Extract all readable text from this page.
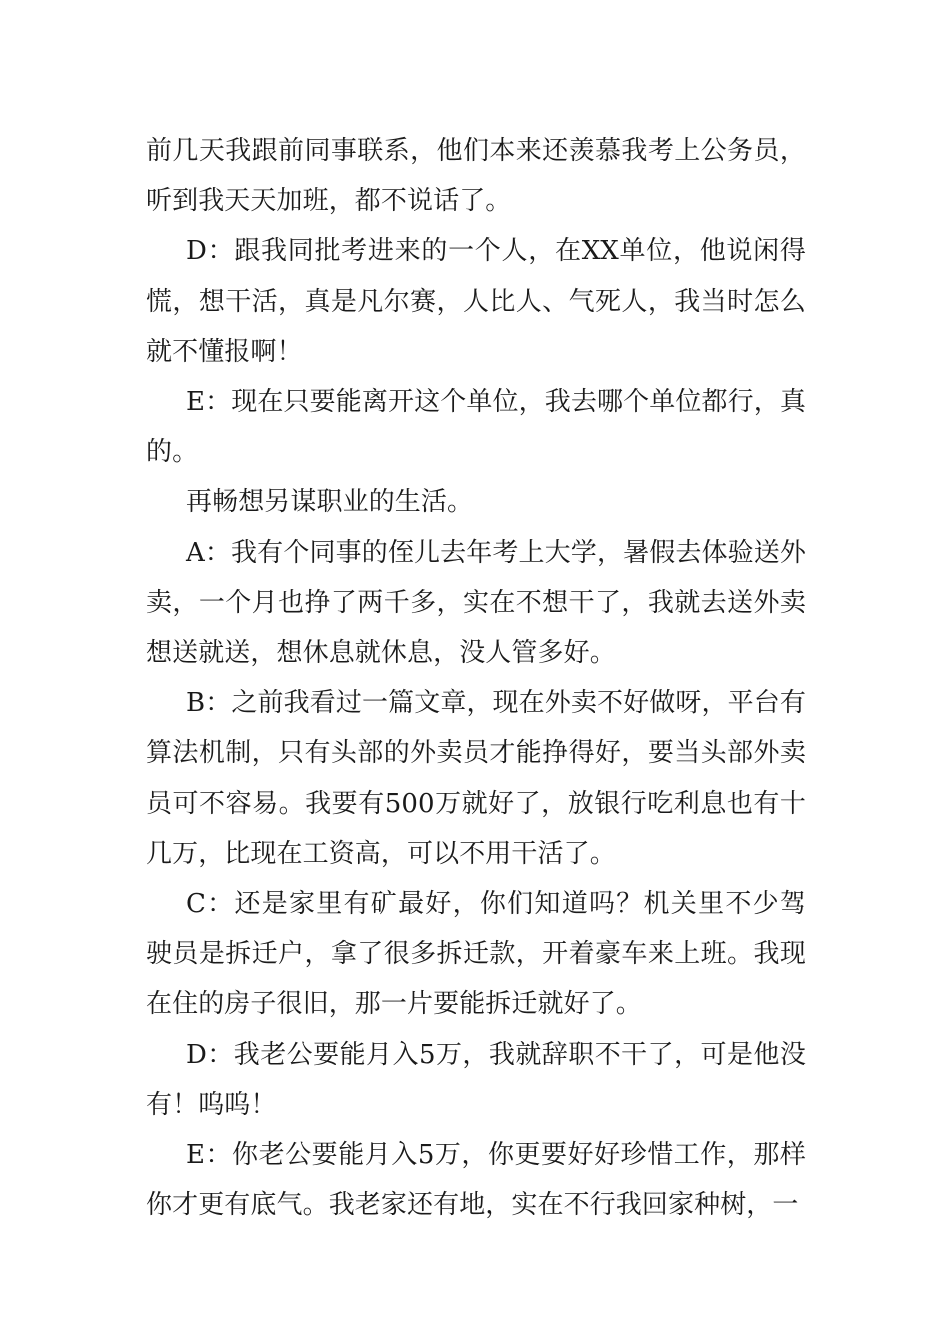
前几天我跟前同事联系，他们本来还羡慕我考上公务员，听到我天天加班，都不说话了。

D：跟我同批考进来的一个人，在XX单位，他说闲得慌，想干活，真是凡尔赛，人比人、气死人，我当时怎么就不懂报啊！

E：现在只要能离开这个单位，我去哪个单位都行，真的。

再畅想另谋职业的生活。

A：我有个同事的侄儿去年考上大学，暑假去体验送外卖，一个月也挣了两千多，实在不想干了，我就去送外卖想送就送，想休息就休息，没人管多好。

B：之前我看过一篇文章，现在外卖不好做呀，平台有算法机制，只有头部的外卖员才能挣得好，要当头部外卖员可不容易。我要有500万就好了，放银行吃利息也有十几万，比现在工资高，可以不用干活了。

C：还是家里有矿最好，你们知道吗？机关里不少驾驶员是拆迁户，拿了很多拆迁款，开着豪车来上班。我现在住的房子很旧，那一片要能拆迁就好了。

D：我老公要能月入5万，我就辞职不干了，可是他没有！呜呜！

E：你老公要能月入5万，你更要好好珍惜工作，那样你才更有底气。我老家还有地，实在不行我回家种树，一
